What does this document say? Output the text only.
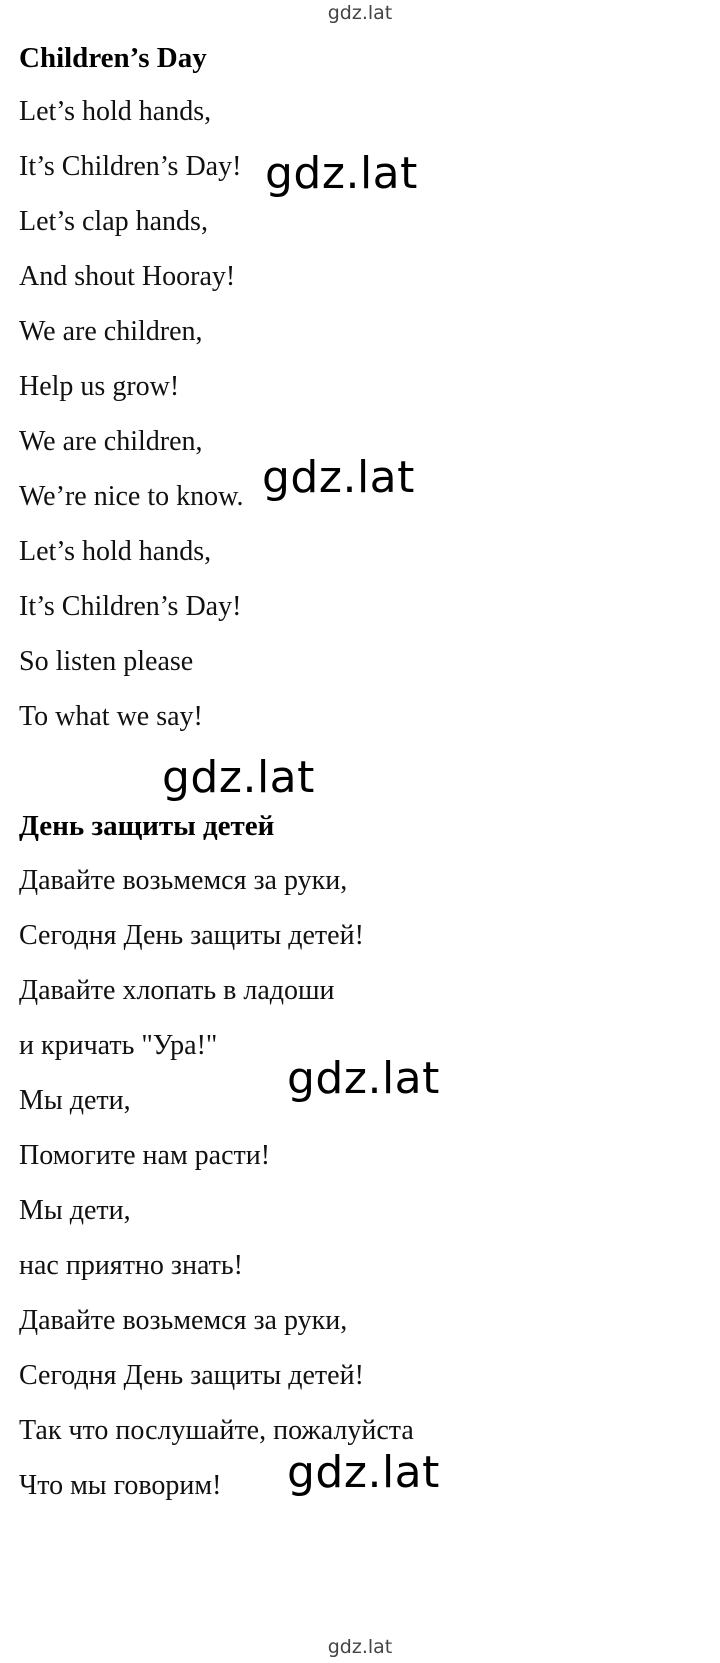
gdz.lat
Children’s Day
Let’s hold hands,
It’s Children’s Day!
Let’s clap hands,
And shout Hooray!
We are children,
Help us grow!
We are children,
We’re nice to know.
Let’s hold hands,
It’s Children’s Day!
So listen please
To what we say!
День защиты детей
Давайте возьмемся за руки,
Сегодня День защиты детей!
Давайте хлопать в ладоши
и кричать "Ура!"
Мы дети,
Помогите нам расти!
Мы дети,
нас приятно знать!
Давайте возьмемся за руки,
Сегодня День защиты детей!
Так что послушайте, пожалуйста
Что мы говорим!
gdz.lat
gdz.lat
gdz.lat
gdz.lat
gdz.lat
gdz.lat
